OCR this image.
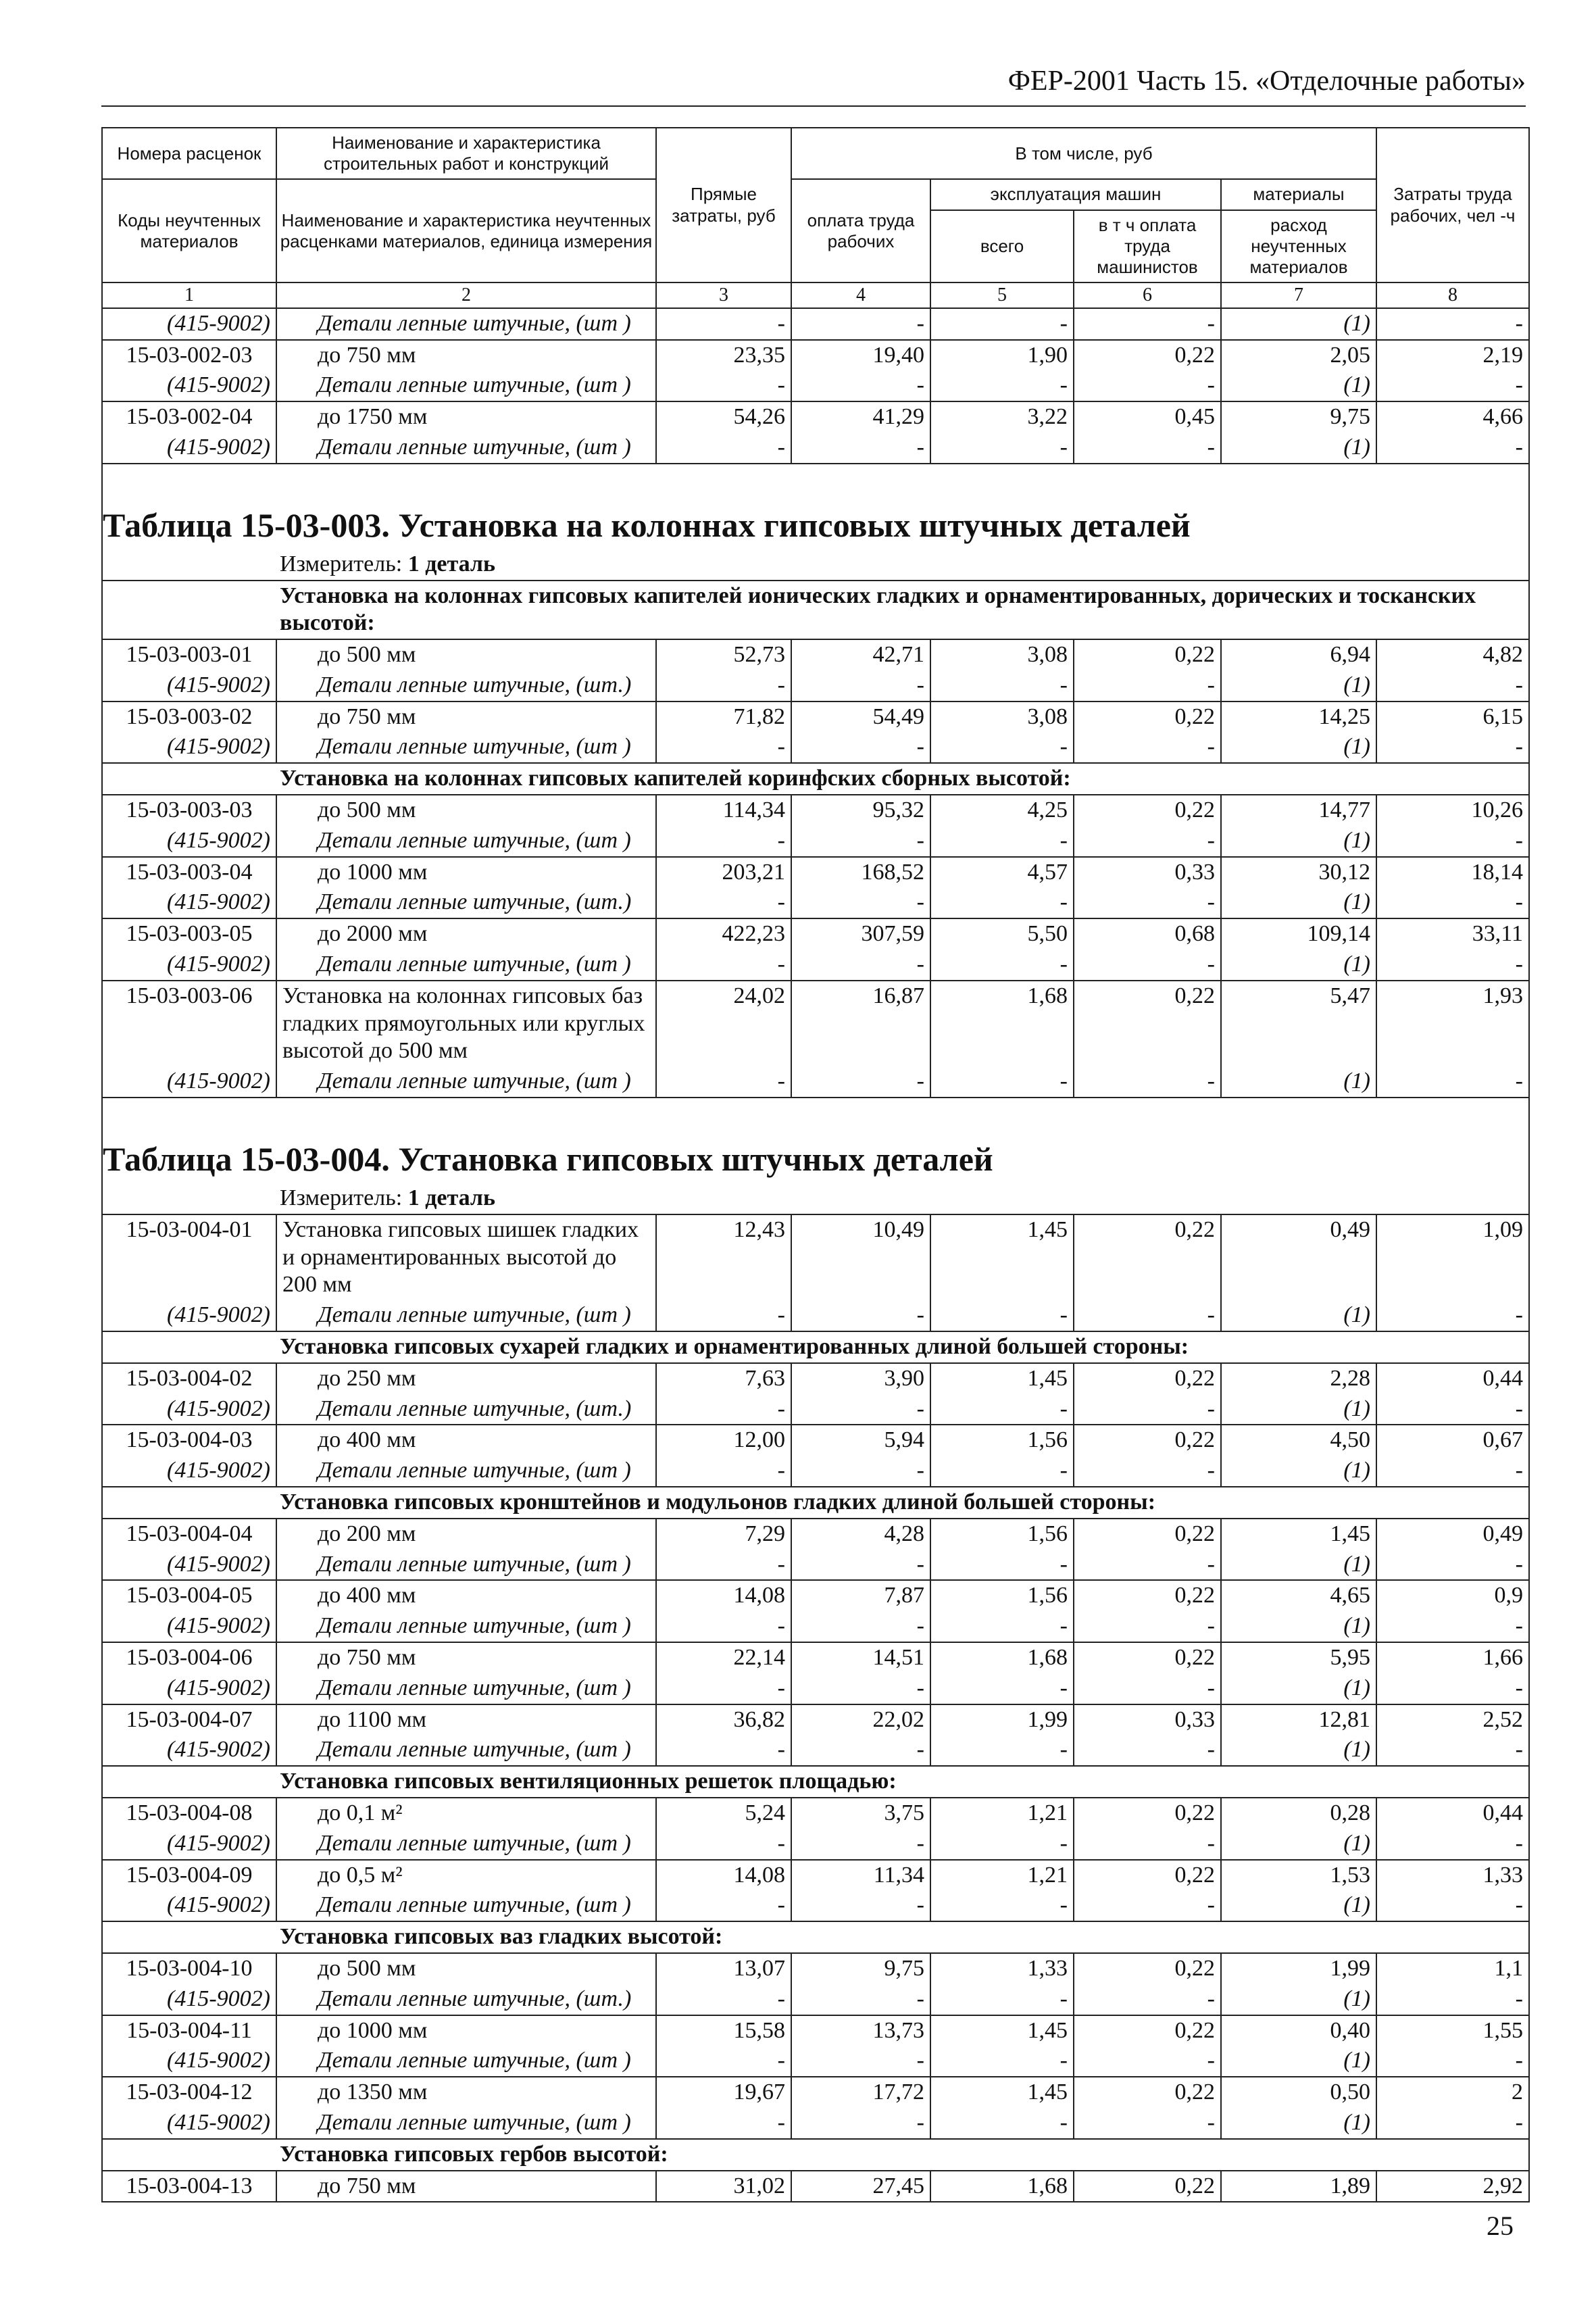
ФЕР-2001 Часть 15. «Отделочные работы»
Номера расценок	Наименование и характеристика строительных работ и конструкций	Прямые затраты, руб	В том числе, руб				Затраты труда рабочих, чел -ч
Коды неучтенных материалов	Наименование и характеристика неучтенных расценками материалов, единица измерения		оплата труда рабочих	эксплуатация машин		материалы	
				всего	в т ч оплата труда машинистов	расход неучтенных материалов	
1	2	3	4	5	6	7	8
(415-9002)	Детали лепные штучные, (шт )	-	-	-	-	(1)	-
15-03-002-03	до 750 мм	23,35	19,40	1,90	0,22	2,05	2,19
(415-9002)	Детали лепные штучные, (шт )	-	-	-	-	(1)	-
15-03-002-04	до 1750 мм	54,26	41,29	3,22	0,45	9,75	4,66
(415-9002)	Детали лепные штучные, (шт )	-	-	-	-	(1)	-

Таблица 15-03-003. Установка на колоннах гипсовых штучных деталей							
Измеритель: 1 деталь							
Установка на колоннах гипсовых капителей ионических гладких и орнаментированных, дорических и тосканских высотой:							
15-03-003-01	до 500 мм	52,73	42,71	3,08	0,22	6,94	4,82
(415-9002)	Детали лепные штучные, (шт.)	-	-	-	-	(1)	-
15-03-003-02	до 750 мм	71,82	54,49	3,08	0,22	14,25	6,15
(415-9002)	Детали лепные штучные, (шт )	-	-	-	-	(1)	-
Установка на колоннах гипсовых капителей коринфских сборных высотой:							
15-03-003-03	до 500 мм	114,34	95,32	4,25	0,22	14,77	10,26
(415-9002)	Детали лепные штучные, (шт )	-	-	-	-	(1)	-
15-03-003-04	до 1000 мм	203,21	168,52	4,57	0,33	30,12	18,14
(415-9002)	Детали лепные штучные, (шт.)	-	-	-	-	(1)	-
15-03-003-05	до 2000 мм	422,23	307,59	5,50	0,68	109,14	33,11
(415-9002)	Детали лепные штучные, (шт )	-	-	-	-	(1)	-
15-03-003-06	Установка на колоннах гипсовых баз гладких прямоугольных или круглых высотой до 500 мм	24,02	16,87	1,68	0,22	5,47	1,93
(415-9002)	Детали лепные штучные, (шт )	-	-	-	-	(1)	-

Таблица 15-03-004. Установка гипсовых штучных деталей							
Измеритель: 1 деталь							
15-03-004-01	Установка гипсовых шишек гладких и орнаментированных высотой до 200 мм	12,43	10,49	1,45	0,22	0,49	1,09
(415-9002)	Детали лепные штучные, (шт )	-	-	-	-	(1)	-
Установка гипсовых сухарей гладких и орнаментированных длиной большей стороны:							
15-03-004-02	до 250 мм	7,63	3,90	1,45	0,22	2,28	0,44
(415-9002)	Детали лепные штучные, (шт.)	-	-	-	-	(1)	-
15-03-004-03	до 400 мм	12,00	5,94	1,56	0,22	4,50	0,67
(415-9002)	Детали лепные штучные, (шт )	-	-	-	-	(1)	-
Установка гипсовых кронштейнов и модульонов гладких длиной большей стороны:							
15-03-004-04	до 200 мм	7,29	4,28	1,56	0,22	1,45	0,49
(415-9002)	Детали лепные штучные, (шт )	-	-	-	-	(1)	-
15-03-004-05	до 400 мм	14,08	7,87	1,56	0,22	4,65	0,9
(415-9002)	Детали лепные штучные, (шт )	-	-	-	-	(1)	-
15-03-004-06	до 750 мм	22,14	14,51	1,68	0,22	5,95	1,66
(415-9002)	Детали лепные штучные, (шт )	-	-	-	-	(1)	-
15-03-004-07	до 1100 мм	36,82	22,02	1,99	0,33	12,81	2,52
(415-9002)	Детали лепные штучные, (шт )	-	-	-	-	(1)	-
Установка гипсовых вентиляционных решеток площадью:							
15-03-004-08	до 0,1 м²	5,24	3,75	1,21	0,22	0,28	0,44
(415-9002)	Детали лепные штучные, (шт )	-	-	-	-	(1)	-
15-03-004-09	до 0,5 м²	14,08	11,34	1,21	0,22	1,53	1,33
(415-9002)	Детали лепные штучные, (шт )	-	-	-	-	(1)	-
Установка гипсовых ваз гладких высотой:							
15-03-004-10	до 500 мм	13,07	9,75	1,33	0,22	1,99	1,1
(415-9002)	Детали лепные штучные, (шт.)	-	-	-	-	(1)	-
15-03-004-11	до 1000 мм	15,58	13,73	1,45	0,22	0,40	1,55
(415-9002)	Детали лепные штучные, (шт )	-	-	-	-	(1)	-
15-03-004-12	до 1350 мм	19,67	17,72	1,45	0,22	0,50	2
(415-9002)	Детали лепные штучные, (шт )	-	-	-	-	(1)	-
Установка гипсовых гербов высотой:							
15-03-004-13	до 750 мм	31,02	27,45	1,68	0,22	1,89	2,92
25
